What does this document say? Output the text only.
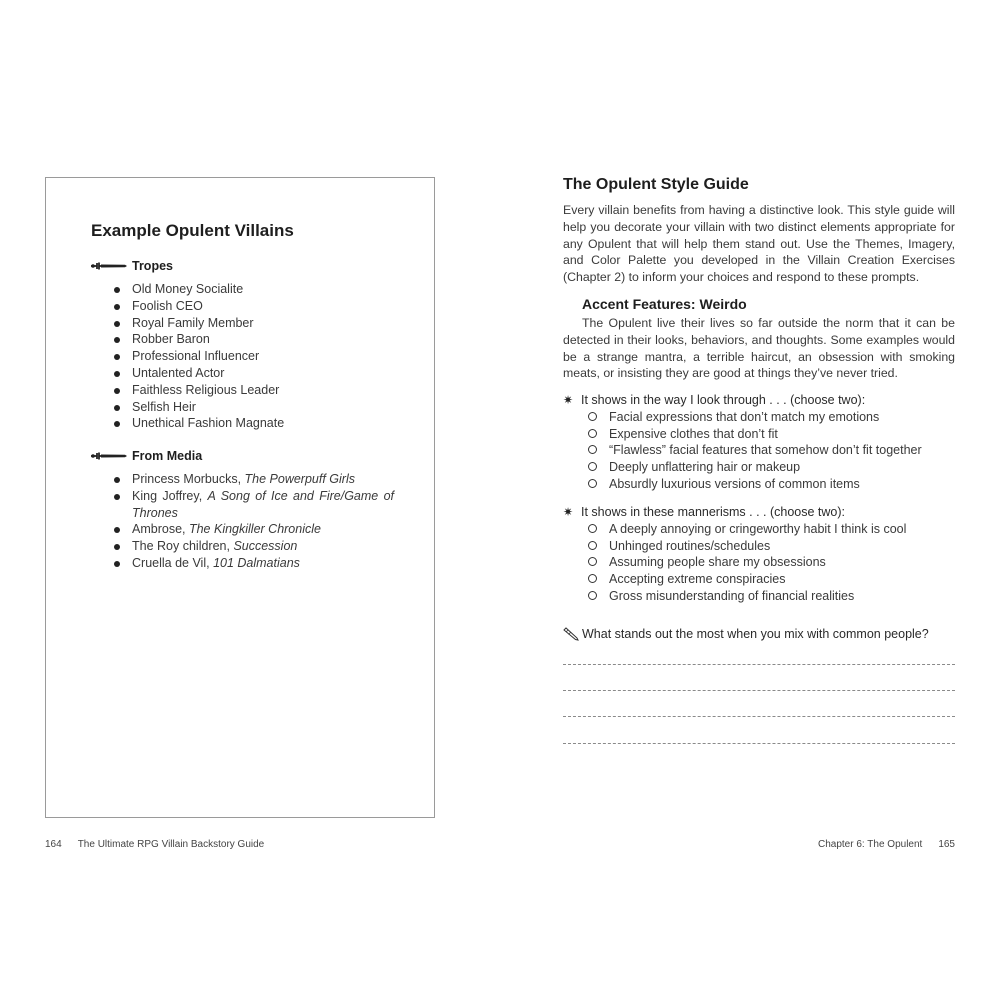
Example Opulent Villains
Tropes
Old Money Socialite
Foolish CEO
Royal Family Member
Robber Baron
Professional Influencer
Untalented Actor
Faithless Religious Leader
Selfish Heir
Unethical Fashion Magnate
From Media
Princess Morbucks, The Powerpuff Girls
King Joffrey, A Song of Ice and Fire/Game of Thrones
Ambrose, The Kingkiller Chronicle
The Roy children, Succession
Cruella de Vil, 101 Dalmatians
The Opulent Style Guide

Every villain benefits from having a distinctive look. This style guide will help you decorate your villain with two distinct elements appropriate for any Opulent that will help them stand out. Use the Themes, Imagery, and Color Palette you developed in the Villain Creation Exercises (Chapter 2) to inform your choices and respond to these prompts.

Accent Features: Weirdo

The Opulent live their lives so far outside the norm that it can be detected in their looks, behaviors, and thoughts. Some examples would be a strange mantra, a terrible haircut, an obsession with smoking meats, or insisting they are good at things they’ve never tried.

✷ It shows in the way I look through . . . (choose two):
Facial expressions that don’t match my emotions
Expensive clothes that don’t fit
“Flawless” facial features that somehow don’t fit together
Deeply unflattering hair or makeup
Absurdly luxurious versions of common items
✷ It shows in these mannerisms . . . (choose two):
A deeply annoying or cringeworthy habit I think is cool
Unhinged routines/schedules
Assuming people share my obsessions
Accepting extreme conspiracies
Gross misunderstanding of financial realities
What stands out the most when you mix with common people?
164 The Ultimate RPG Villain Backstory Guide	Chapter 6: The Opulent 165
